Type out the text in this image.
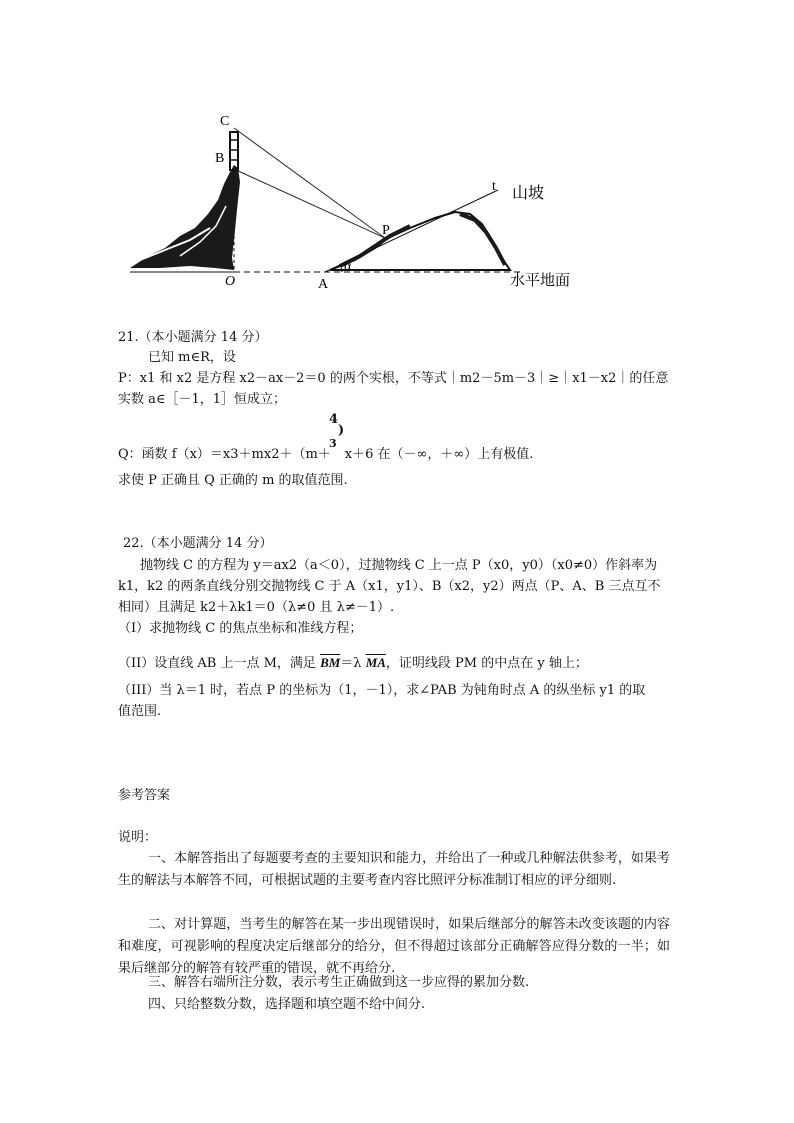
C
B
O	A
P
t
α
山坡
水平地面
21.（本小题满分 14 分）
已知 m∈R，设
P：x1 和 x2 是方程 x2－ax－2＝0 的两个实根，不等式｜m2－5m－3｜≥｜x1－x2｜的任意
实数 a∈［－1，1］恒成立；
4
)
3
Q：函数 f（x）＝x3＋mx2＋（m＋ x＋6 在（－∞，＋∞）上有极值.
求使 P 正确且 Q 正确的 m 的取值范围.
22.（本小题满分 14 分）
抛物线 C 的方程为 y＝ax2（a＜0），过抛物线 C 上一点 P（x0，y0）（x0≠0）作斜率为
k1，k2 的两条直线分别交抛物线 C 于 A（x1，y1）、B（x2，y2）两点（P、A、B 三点互不
相同）且满足 k2＋λk1＝0（λ≠0 且 λ≠－1）.
（I）求抛物线 C 的焦点坐标和准线方程；
（II）设直线 AB 上一点 M，满足 $\overline{BM}=\lambda$ $\overline{MA}$，证明线段 PM 的中点在 y 轴上；
（III）当 λ＝1 时，若点 P 的坐标为（1，－1），求∠PAB 为钝角时点 A 的纵坐标 y1 的取
值范围.
参考答案
说明：
一、本解答指出了每题要考查的主要知识和能力，并给出了一种或几种解法供参考，如果考生的解法与本解答不同，可根据试题的主要考查内容比照评分标准制订相应的评分细则.
二、对计算题，当考生的解答在某一步出现错误时，如果后继部分的解答未改变该题的内容和难度，可视影响的程度决定后继部分的给分，但不得超过该部分正确解答应得分数的一半；如果后继部分的解答有较严重的错误，就不再给分.
三、解答右端所注分数，表示考生正确做到这一步应得的累加分数.
四、只给整数分数，选择题和填空题不给中间分.
